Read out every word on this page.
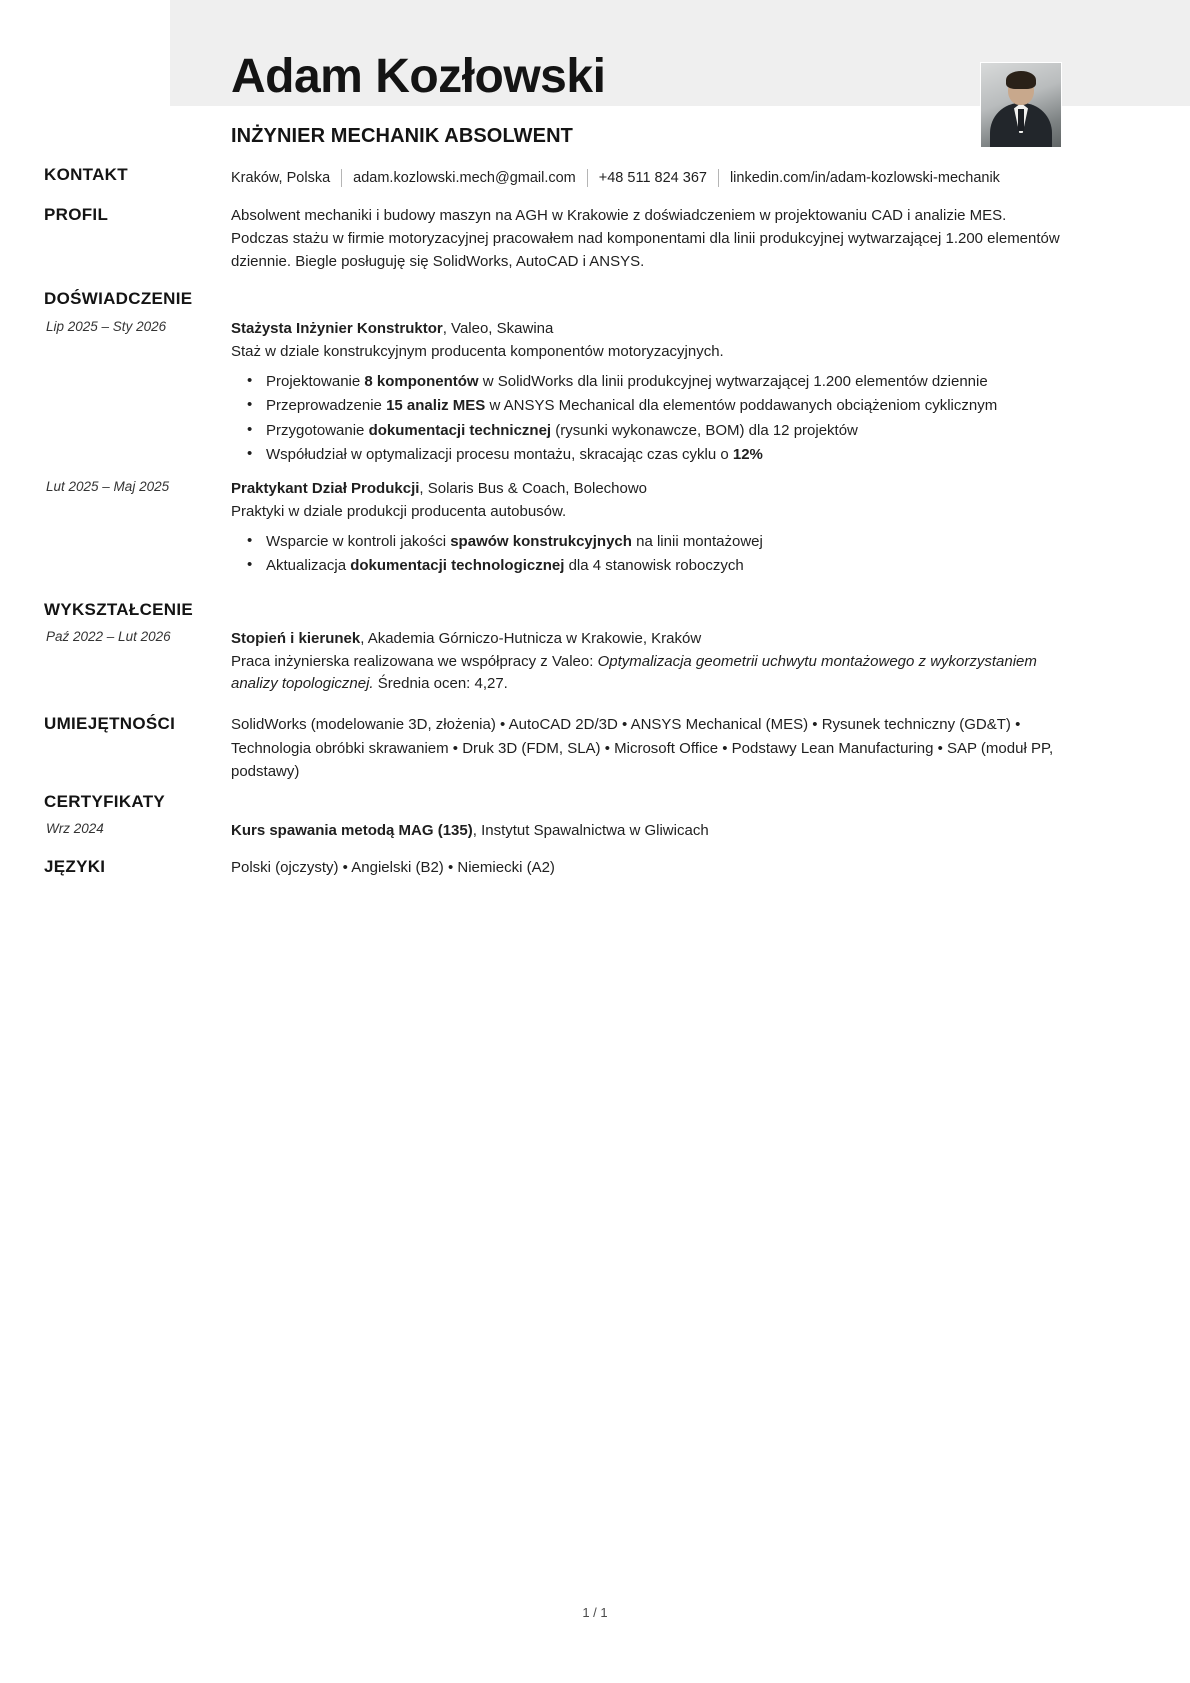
Adam Kozłowski
INŻYNIER MECHANIK ABSOLWENT
KONTAKT	Kraków, Polska adam.kozlowski.mech@gmail.com +48 511 824 367 linkedin.com/in/adam-kozlowski-mechanik
PROFIL	Absolwent mechaniki i budowy maszyn na AGH w Krakowie z doświadczeniem w projektowaniu CAD i analizie MES. Podczas stażu w firmie motoryzacyjnej pracowałem nad komponentami dla linii produkcyjnej wytwarzającej 1.200 elementów dziennie. Biegle posługuję się SolidWorks, AutoCAD i ANSYS.

DOŚWIADCZENIE
Lip 2025 – Sty 2026	Stażysta Inżynier Konstruktor, Valeo, Skawina
Staż w dziale konstrukcyjnym producenta komponentów motoryzacyjnych.
• Projektowanie 8 komponentów w SolidWorks dla linii produkcyjnej wytwarzającej 1.200 elementów dziennie
• Przeprowadzenie 15 analiz MES w ANSYS Mechanical dla elementów poddawanych obciążeniom cyklicznym
• Przygotowanie dokumentacji technicznej (rysunki wykonawcze, BOM) dla 12 projektów
• Współudział w optymalizacji procesu montażu, skracając czas cyklu o 12%
Lut 2025 – Maj 2025	Praktykant Dział Produkcji, Solaris Bus & Coach, Bolechowo
Praktyki w dziale produkcji producenta autobusów.
• Wsparcie w kontroli jakości spawów konstrukcyjnych na linii montażowej
• Aktualizacja dokumentacji technologicznej dla 4 stanowisk roboczych
WYKSZTAŁCENIE
Paź 2022 – Lut 2026	Stopień i kierunek, Akademia Górniczo-Hutnicza w Krakowie, Kraków
Praca inżynierska realizowana we współpracy z Valeo: Optymalizacja geometrii uchwytu montażowego z wykorzystaniem analizy topologicznej. Średnia ocen: 4,27.
UMIEJĘTNOŚCI	SolidWorks (modelowanie 3D, złożenia) • AutoCAD 2D/3D • ANSYS Mechanical (MES) • Rysunek techniczny (GD&T) • Technologia obróbki skrawaniem • Druk 3D (FDM, SLA) • Microsoft Office • Podstawy Lean Manufacturing • SAP (moduł PP, podstawy)
CERTYFIKATY
Wrz 2024	Kurs spawania metodą MAG (135), Instytut Spawalnictwa w Gliwicach
JĘZYKI	Polski (ojczysty) • Angielski (B2) • Niemiecki (A2)
1 / 1
